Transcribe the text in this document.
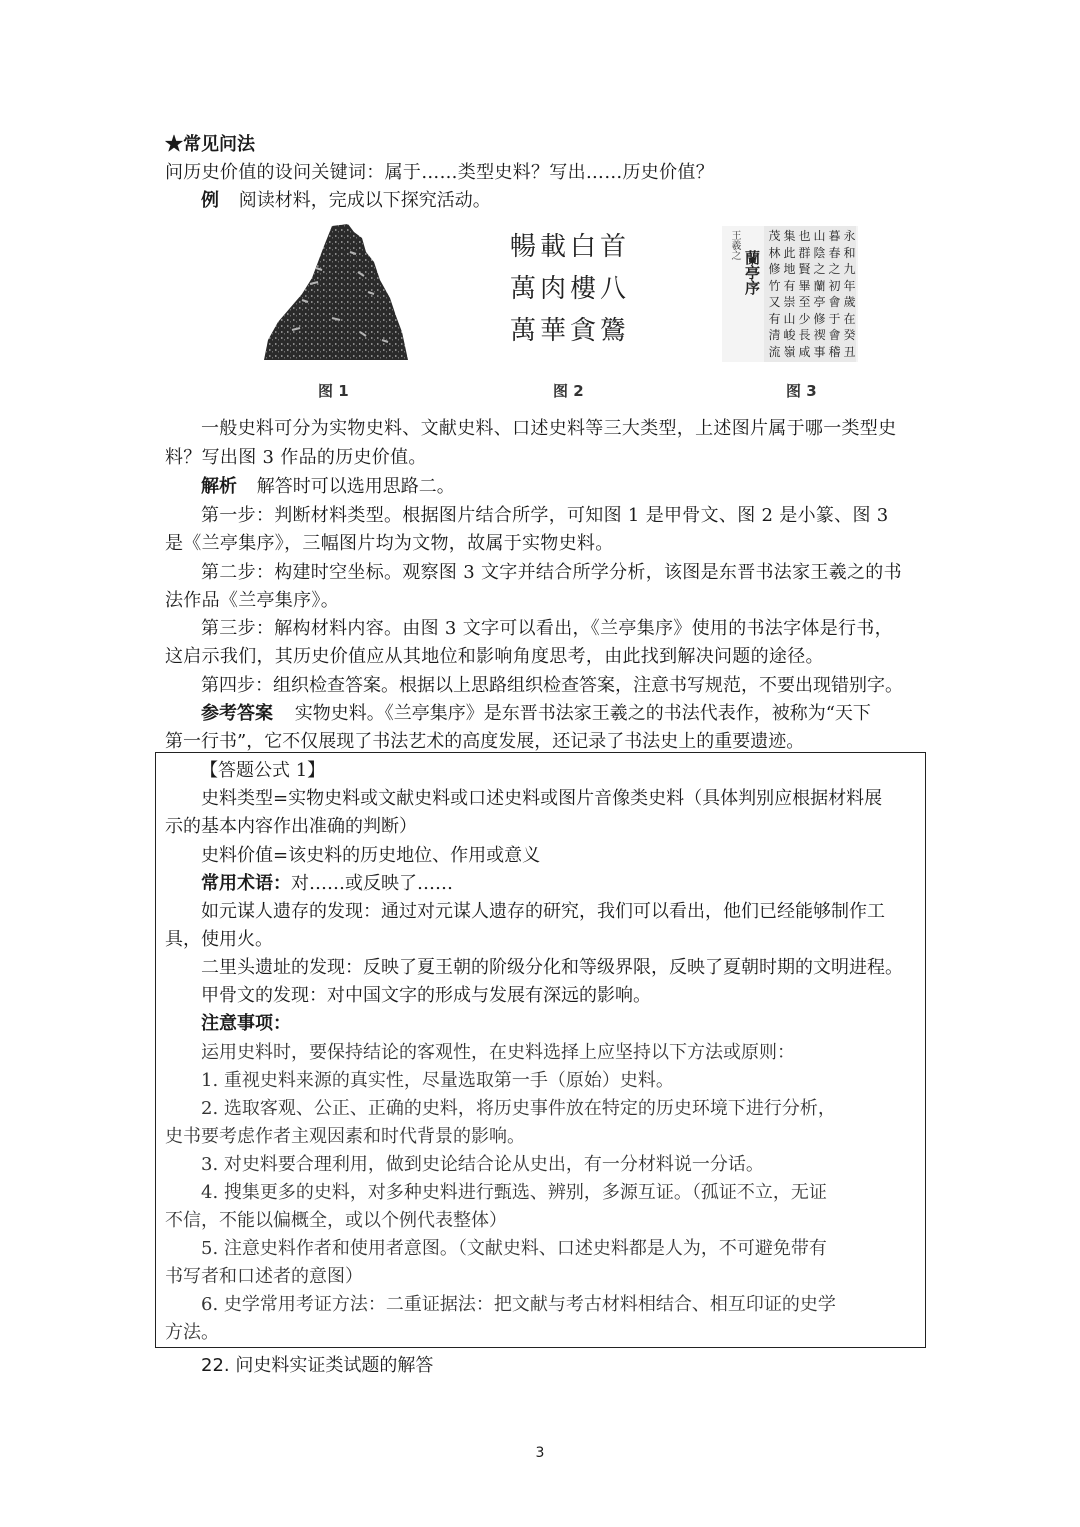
★常见问法
问历史价值的设问关键词：属于……类型史料？写出……历史价值？
例 阅读材料，完成以下探究活动。
图 1
首
白
載
暢
八
樓
肉
萬
鷟
貪
華
萬
图 2
永
和
九
年
歲
在
癸
丑
暮
春
之
初
會
于
會
稽
山
陰
之
蘭
亭
修
禊
事
也
群
賢
畢
至
少
長
咸
集
此
地
有
崇
山
峻
嶺
茂
林
修
竹
又
有
清
流
王羲之
蘭亭序
图 3
一般史料可分为实物史料、文献史料、口述史料等三大类型，上述图片属于哪一类型史
料？写出图 3 作品的历史价值。
解析 解答时可以选用思路二。
第一步：判断材料类型。根据图片结合所学，可知图 1 是甲骨文、图 2 是小篆、图 3
是《兰亭集序》，三幅图片均为文物，故属于实物史料。
第二步：构建时空坐标。观察图 3 文字并结合所学分析，该图是东晋书法家王羲之的书
法作品《兰亭集序》。
第三步：解构材料内容。由图 3 文字可以看出，《兰亭集序》使用的书法字体是行书，
这启示我们，其历史价值应从其地位和影响角度思考，由此找到解决问题的途径。
第四步：组织检查答案。根据以上思路组织检查答案，注意书写规范，不要出现错别字。
参考答案 实物史料。《兰亭集序》是东晋书法家王羲之的书法代表作，被称为“天下
第一行书”，它不仅展现了书法艺术的高度发展，还记录了书法史上的重要遗迹。
【答题公式 1】
史料类型=实物史料或文献史料或口述史料或图片音像类史料（具体判别应根据材料展
示的基本内容作出准确的判断）
史料价值=该史料的历史地位、作用或意义
常用术语：对……或反映了……
如元谋人遗存的发现：通过对元谋人遗存的研究，我们可以看出，他们已经能够制作工
具，使用火。
二里头遗址的发现：反映了夏王朝的阶级分化和等级界限，反映了夏朝时期的文明进程。
甲骨文的发现：对中国文字的形成与发展有深远的影响。
注意事项：
运用史料时，要保持结论的客观性，在史料选择上应坚持以下方法或原则：
1. 重视史料来源的真实性，尽量选取第一手（原始）史料。
2. 选取客观、公正、正确的史料，将历史事件放在特定的历史环境下进行分析，
史书要考虑作者主观因素和时代背景的影响。
3. 对史料要合理利用，做到史论结合论从史出，有一分材料说一分话。
4. 搜集更多的史料，对多种史料进行甄选、辨别，多源互证。（孤证不立，无证
不信，不能以偏概全，或以个例代表整体）
5. 注意史料作者和使用者意图。（文献史料、口述史料都是人为，不可避免带有
书写者和口述者的意图）
6. 史学常用考证方法：二重证据法：把文献与考古材料相结合、相互印证的史学
方法。
22. 问史料实证类试题的解答
3
